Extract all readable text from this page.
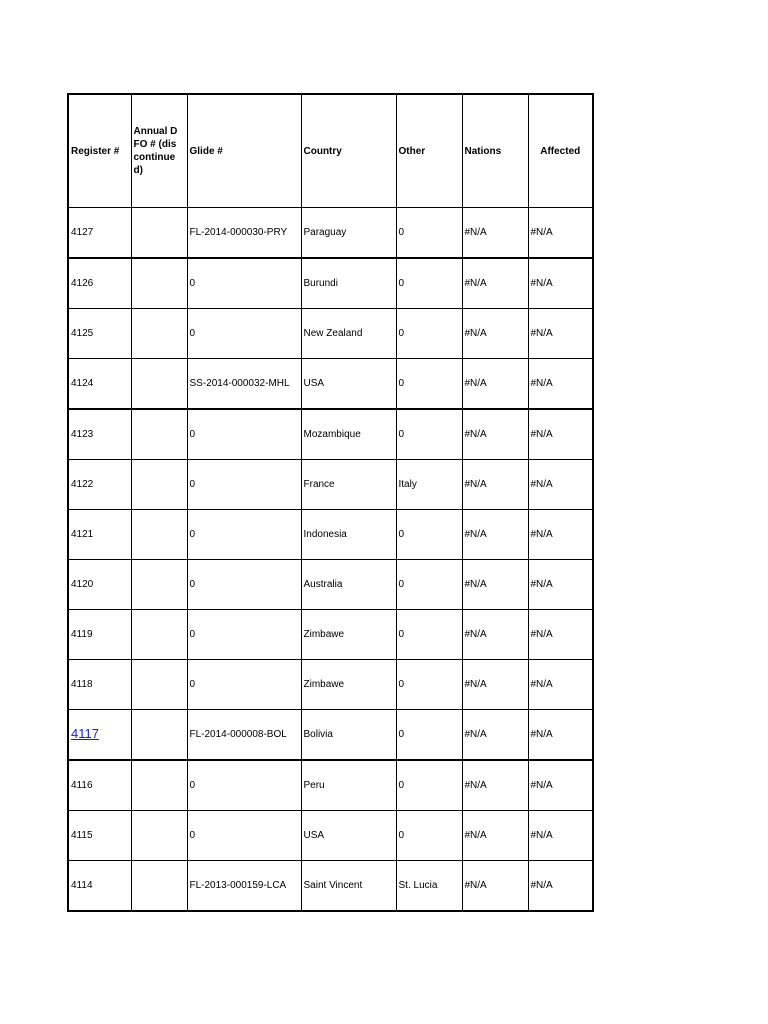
Register #	Annual DFO # (discontinued)	Glide #	Country	Other	Nations	Affected
4127		FL-2014-000030-PRY	Paraguay	0	#N/A	#N/A
4126		0	Burundi	0	#N/A	#N/A
4125		0	New Zealand	0	#N/A	#N/A
4124		SS-2014-000032-MHL	USA	0	#N/A	#N/A
4123		0	Mozambique	0	#N/A	#N/A
4122		0	France	Italy	#N/A	#N/A
4121		0	Indonesia	0	#N/A	#N/A
4120		0	Australia	0	#N/A	#N/A
4119		0	Zimbawe	0	#N/A	#N/A
4118		0	Zimbawe	0	#N/A	#N/A
4117		FL-2014-000008-BOL	Bolivia	0	#N/A	#N/A
4116		0	Peru	0	#N/A	#N/A
4115		0	USA	0	#N/A	#N/A
4114		FL-2013-000159-LCA	Saint Vincent	St. Lucia	#N/A	#N/A
